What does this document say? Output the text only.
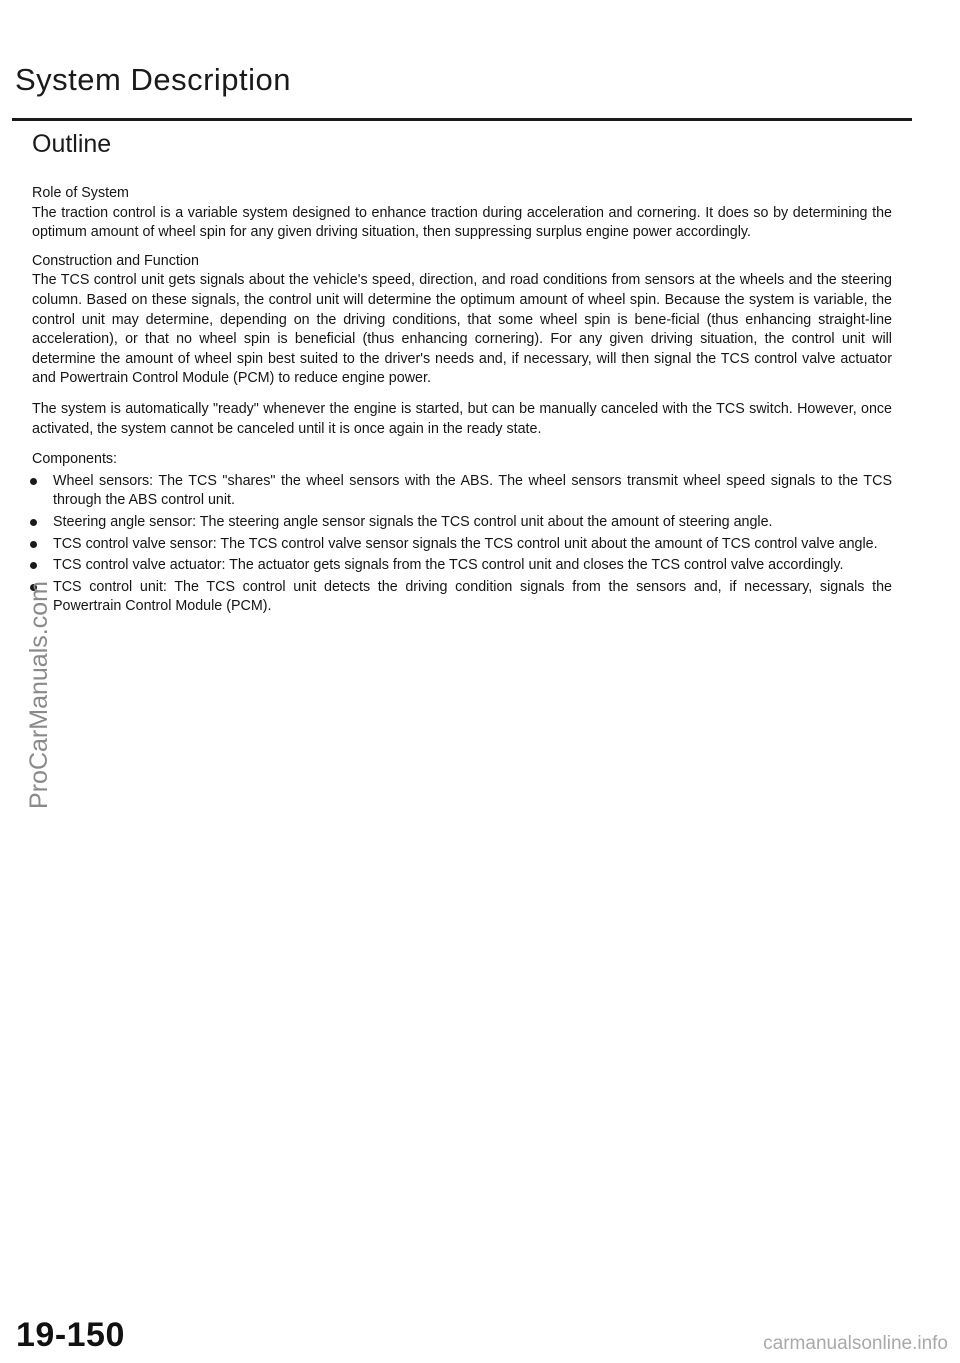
System Description
Outline

Role of System

The traction control is a variable system designed to enhance traction during acceleration and cornering. It does so by determining the optimum amount of wheel spin for any given driving situation, then suppressing surplus engine power accordingly.

Construction and Function

The TCS control unit gets signals about the vehicle's speed, direction, and road conditions from sensors at the wheels and the steering column. Based on these signals, the control unit will determine the optimum amount of wheel spin. Because the system is variable, the control unit may determine, depending on the driving conditions, that some wheel spin is bene-ficial (thus enhancing straight-line acceleration), or that no wheel spin is beneficial (thus enhancing cornering). For any given driving situation, the control unit will determine the amount of wheel spin best suited to the driver's needs and, if necessary, will then signal the TCS control valve actuator and Powertrain Control Module (PCM) to reduce engine power.

The system is automatically "ready" whenever the engine is started, but can be manually canceled with the TCS switch. However, once activated, the system cannot be canceled until it is once again in the ready state.

Components:

Wheel sensors: The TCS "shares" the wheel sensors with the ABS. The wheel sensors transmit wheel speed signals to the TCS through the ABS control unit.
Steering angle sensor: The steering angle sensor signals the TCS control unit about the amount of steering angle.
TCS control valve sensor: The TCS control valve sensor signals the TCS control unit about the amount of TCS control valve angle.
TCS control valve actuator: The actuator gets signals from the TCS control unit and closes the TCS control valve accordingly.
TCS control unit: The TCS control unit detects the driving condition signals from the sensors and, if necessary, signals the Powertrain Control Module (PCM).
ProCarManuals.com
19-150	carmanualsonline.info
